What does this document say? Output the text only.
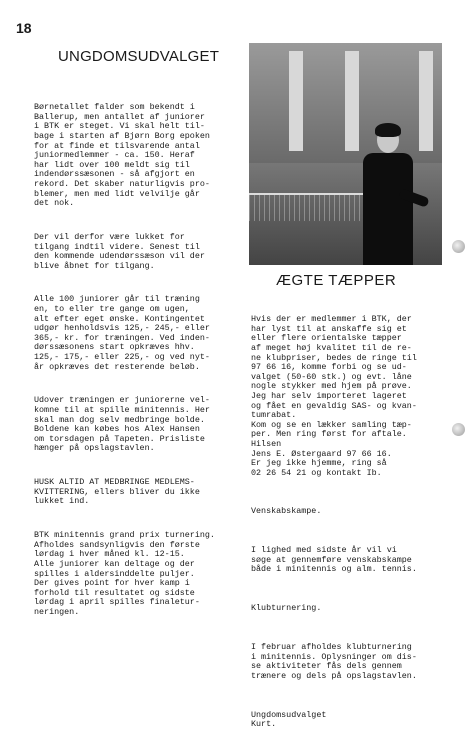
18
UNGDOMSUDVALGET

Børnetallet falder som bekendt i
Ballerup, men antallet af juniorer
i BTK er steget. Vi skal helt til-
bage i starten af Bjørn Borg epoken
for at finde et tilsvarende antal
juniormedlemmer - ca. 150. Heraf
har lidt over 100 meldt sig til
indendørssæsonen - så afgjort en
rekord. Det skaber naturligvis pro-
blemer, men med lidt velvilje går
det nok.

Der vil derfor være lukket for
tilgang indtil videre. Senest til
den kommende udendørssæson vil der
blive åbnet for tilgang.

Alle 100 juniorer går til træning
en, to eller tre gange om ugen,
alt efter eget ønske. Kontingentet
udgør henholdsvis 125,- 245,- eller
365,- kr. for træningen. Ved inden-
dørssæsonens start opkræves hhv.
125,- 175,- eller 225,- og ved nyt-
år opkræves det resterende beløb.

Udover træningen er juniorerne vel-
komne til at spille minitennis. Her
skal man dog selv medbringe bolde.
Boldene kan købes hos Alex Hansen
om torsdagen på Tapeten. Prisliste
hænger på opslagstavlen.

HUSK ALTID AT MEDBRINGE MEDLEMS-
KVITTERING, ellers bliver du ikke
lukket ind.

BTK minitennis grand prix turnering.
Afholdes sandsynligvis den første
lørdag i hver måned kl. 12-15.
Alle juniorer kan deltage og der
spilles i aldersinddelte puljer.
Der gives point for hver kamp i
forhold til resultatet og sidste
lørdag i april spilles finaletur-
neringen.

ÆGTE TÆPPER

Hvis der er medlemmer i BTK, der
har lyst til at anskaffe sig et
eller flere orientalske tæpper
af meget høj kvalitet til de re-
ne klubpriser, bedes de ringe til
97 66 16, komme forbi og se ud-
valget (50-60 stk.) og evt. låne
nogle stykker med hjem på prøve.
Jeg har selv importeret lageret
og fået en gevaldig SAS- og kvan-
tumrabat.
Kom og se en lækker samling tæp-
per. Men ring først for aftale.
Hilsen
Jens E. Østergaard 97 66 16.
Er jeg ikke hjemme, ring så
02 26 54 21 og kontakt Ib.

Venskabskampe.

I lighed med sidste år vil vi
søge at gennemføre venskabskampe
både i minitennis og alm. tennis.

Klubturnering.

I februar afholdes klubturnering
i minitennis. Oplysninger om dis-
se aktiviteter fås dels gennem
trænere og dels på opslagstavlen.

Ungdomsudvalget
Kurt.
